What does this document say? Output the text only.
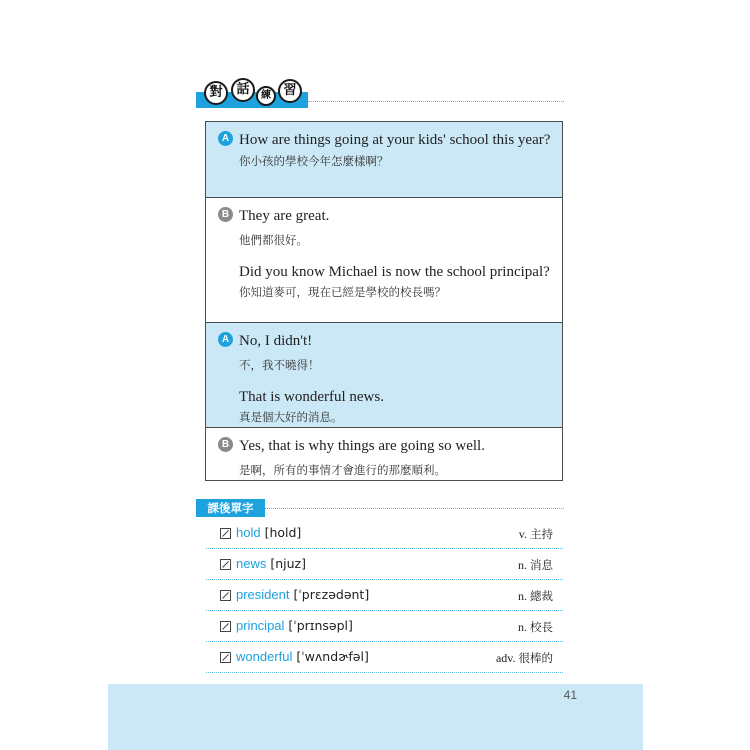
對	話	練 習
A How are things going at your kids' school this year?
你小孩的學校今年怎麼樣啊？
B They are great.
他們都很好。
Did you know Michael is now the school principal?
你知道麥可，現在已經是學校的校長嗎？
A No, I didn't!
不，我不曉得！
That is wonderful news.
真是個大好的消息。
B Yes, that is why things are going so well.
是啊，所有的事情才會進行的那麼順利。
課後單字
hold [hold]	v. 主持
news [njuz]	n. 消息
president [ˈprɛzədənt]	n. 總裁
principal [ˈprɪnsəpl]	n. 校長
wonderful [ˈwʌndɚfəl]	adv. 很棒的
41
